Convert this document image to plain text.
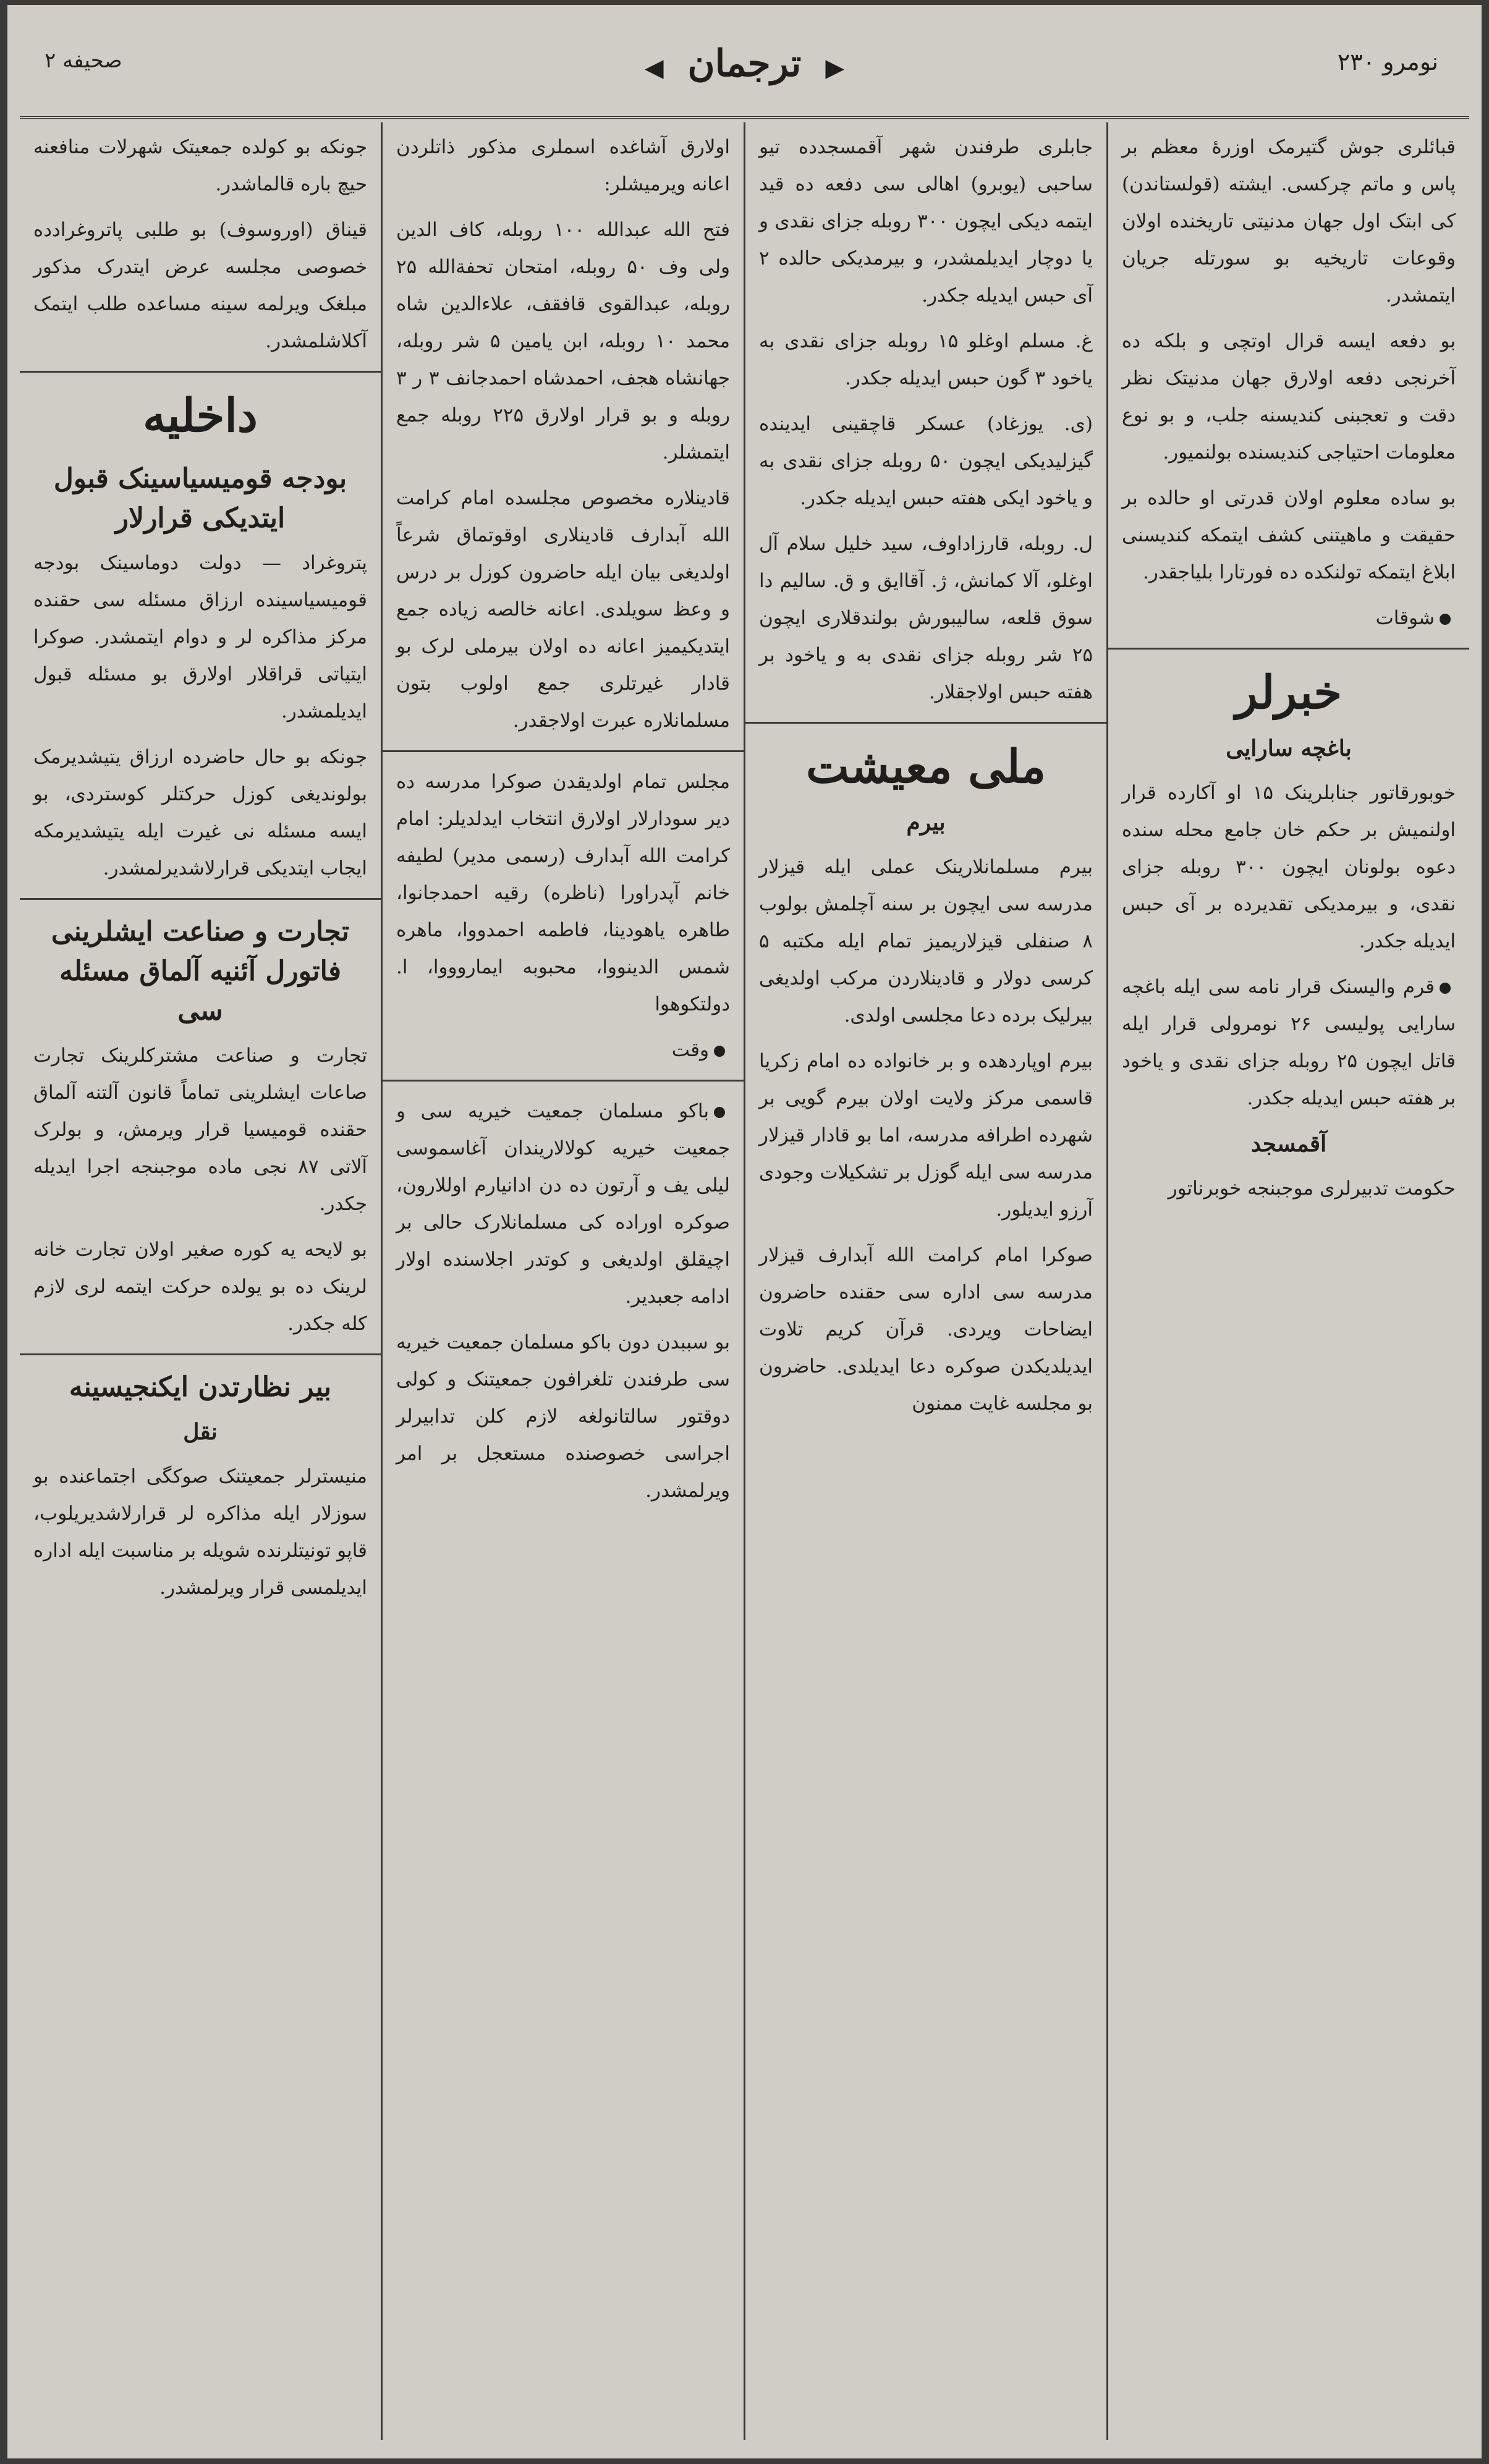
صحيفه ۲	◀ ترجمان ▶	نومرو ۲۳۰

قبائلری جوش گتیرمک اوزرهٔ معظم بر پاس و ماتم چرکسی. ایشته (قولستاندن) کی ابتک اول جهان مدنیتی تاریخنده اولان وقوعات تاریخیه بو سورتله جریان ایتمشدر.

بو دفعه ایسه قرال اوتچی و بلکه ده آخرنجی دفعه اولارق جهان مدنیتک نظر دقت و تعجبنی کندیسنه جلب، و بو نوع معلومات احتیاجی کندیسنده بولنمیور.

بو ساده معلوم اولان قدرتی او حالده بر حقیقت و ماهیتنی کشف ایتمکه کندیسنی ابلاغ ایتمکه تولنکده ده فورتارا بلیاجقدر.

شوقات

خبرلر
باغچه سارایی

خوبورقاتور جنابلرینک ۱۵ او آکارده قرار اولنمیش بر حکم خان جامع محله سنده دعوه بولونان ایچون ۳۰۰ روبله جزای نقدی، و بیرمدیکی تقدیرده بر آی حبس ایدیله جکدر.

قرم والیسنک قرار نامه سی ایله باغچه سارایی پولیسی ۲۶ نومرولی قرار ایله قاتل ایچون ۲۵ روبله جزای نقدی و یاخود بر هفته حبس ایدیله جکدر.

آقمسجد

حکومت تدبیرلری موجبنجه خوبرناتور

جابلری طرفندن شهر آقمسجدده تیو ساحبی (یوبرو) اهالی سی دفعه ده قید ایتمه دیکی ایچون ۳۰۰ روبله جزای نقدی و یا دوچار ایدیلمشدر، و بیرمدیکی حالده ۲ آی حبس ایدیله جکدر.

غ. مسلم اوغلو ۱۵ روبله جزای نقدی به یاخود ۳ گون حبس ایدیله جکدر.

(ی. یوزغاد) عسکر قاچقینی ایدینده گیزلیدیکی ایچون ۵۰ روبله جزای نقدی به و یاخود ایکی هفته حبس ایدیله جکدر.

ل. روبله، قارزاداوف، سید خلیل سلام آل اوغلو، آلا کمانش، ژ. آقاایق و ق. سالیم دا سوق قلعه، سالیبورش بولندقلاری ایچون ۲۵ شر روبله جزای نقدی به و یاخود بر هفته حبس اولاجقلار.

ملی معیشت
بیرم

بیرم مسلمانلارینک عملی ایله قیزلار مدرسه سی ایچون بر سنه آچلمش بولوب ۸ صنفلی قیزلاریمیز تمام ایله مکتبه ۵ کرسی دولار و قادینلاردن مرکب اولدیغی بیرلیک برده دعا مجلسی اولدی.

بیرم اوپاردهده و بر خانواده ده امام زکریا قاسمی مرکز ولایت اولان بیرم گویی بر شهرده اطرافه مدرسه، اما بو قادار قیزلار مدرسه سی ایله گوزل بر تشکیلات وجودی آرزو ایدیلور.

صوکرا امام کرامت الله آبدارف قیزلار مدرسه سی اداره سی حقنده حاضرون ایضاحات ویردی. قرآن کریم تلاوت ایدیلدیکدن صوکره دعا ایدیلدی. حاضرون بو مجلسه غایت ممنون

اولارق آشاغده اسملری مذکور ذاتلردن اعانه ویرمیشلر:

فتح الله عبدالله ۱۰۰ روبله، کاف الدین ولی وف ۵۰ روبله، امتحان تحفةالله ۲۵ روبله، عبدالقوی قافقف، علاءالدین شاه محمد ۱۰ روبله، ابن یامین ۵ شر روبله، جهانشاه هجف، احمدشاه احمدجانف ۳ ر ۳ روبله و بو قرار اولارق ۲۲۵ روبله جمع ایتمشلر.

قادینلاره مخصوص مجلسده امام کرامت الله آبدارف قادینلاری اوقوتماق شرعاً اولدیغی بیان ایله حاضرون کوزل بر درس و وعظ سویلدی. اعانه خالصه زیاده جمع ایتدیکیمیز اعانه ده اولان بیرملی لرک بو قادار غیرتلری جمع اولوب بتون مسلمانلاره عبرت اولاجقدر.

مجلس تمام اولدیقدن صوکرا مدرسه ده دیر سودارلار اولارق انتخاب ایدلدیلر: امام کرامت الله آبدارف (رسمی مدیر) لطیفه خانم آپدراورا (ناظره) رقیه احمدجانوا، طاهره یاهودینا، فاطمه احمدووا، ماهره شمس الدینووا، محبوبه ایماروووا، ا. دولتکوهوا

وقت

باکو مسلمان جمعیت خیریه سی و جمعیت خیریه کولالاریندان آغاسموسی لیلی یف و آرتون ده دن ادانیارم اوللارون، صوکره اوراده کی مسلمانلارک حالی بر اچیقلق اولدیغی و کوتدر اجلاسنده اولار ادامه جعبدیر.

بو سببدن دون باکو مسلمان جمعیت خیریه سی طرفندن تلغرافون جمعیتنک و کولی دوقتور سالتانولغه لازم کلن تدابیرلر اجراسی خصوصنده مستعجل بر امر ویرلمشدر.

جونکه بو کولده جمعیتک شهرلات منافعنه حیچ باره قالماشدر.

قیناق (اوروسوف) بو طلبی پاتروغرادده خصوصی مجلسه عرض ایتدرک مذکور مبلغک ویرلمه سینه مساعده طلب ایتمک آکلاشلمشدر.

داخلیه
بودجه قومیسیاسینک قبول ایتدیکی قرارلار

پتروغراد — دولت دوماسینک بودجه قومیسیاسینده ارزاق مسئله سی حقنده مرکز مذاکره لر و دوام ایتمشدر. صوکرا ایتیاتی قراقلار اولارق بو مسئله قبول ایدیلمشدر.

جونکه بو حال حاضرده ارزاق یتیشدیرمک بولوندیغی کوزل حرکتلر کوستردی، بو ایسه مسئله نی غیرت ایله یتیشدیرمکه ایجاب ایتدیکی قرارلاشدیرلمشدر.

تجارت و صناعت ایشلرینی فاتورل آئنیه آلماق مسئله سی

تجارت و صناعت مشترکلرینک تجارت صاعات ایشلرینی تماماً قانون آلتنه آلماق حقنده قومیسیا قرار ویرمش، و بولرک آلاتی ۸۷ نجی ماده موجبنجه اجرا ایدیله جکدر.

بو لایحه یه کوره صغیر اولان تجارت خانه لرینک ده بو یولده حرکت ایتمه لری لازم کله جکدر.

بیر نظارتدن ایکنجیسینه
نقل

منیسترلر جمعیتنک صوکگی اجتماعنده بو سوزلار ایله مذاکره لر قرارلاشدیریلوب، قاپو تونیتلرنده شویله بر مناسبت ایله اداره ایدیلمسی قرار ویرلمشدر.
